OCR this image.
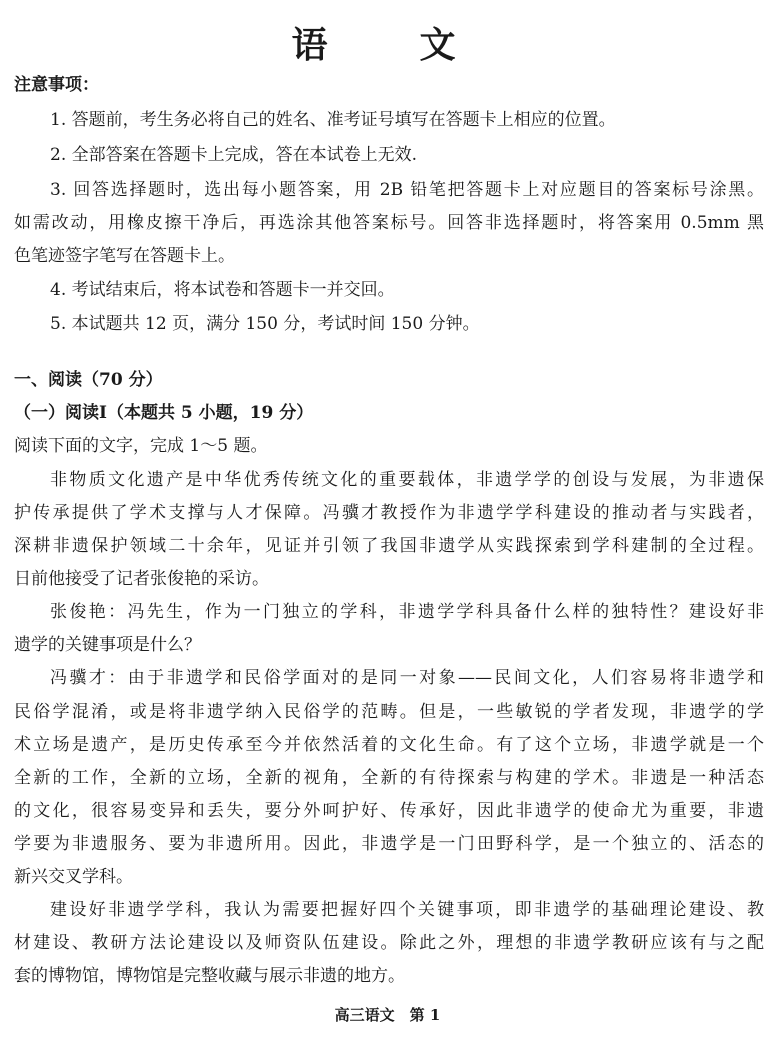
语　文
注意事项：
1. 答题前，考生务必将自己的姓名、准考证号填写在答题卡上相应的位置。
2. 全部答案在答题卡上完成，答在本试卷上无效.
3. 回答选择题时，选出每小题答案，用 2B 铅笔把答题卡上对应题目的答案标号涂黑。
如需改动，用橡皮擦干净后，再选涂其他答案标号。回答非选择题时，将答案用 0.5mm 黑
色笔迹签字笔写在答题卡上。
4. 考试结束后，将本试卷和答题卡一并交回。
5. 本试题共 12 页，满分 150 分，考试时间 150 分钟。
一、阅读（70 分）
（一）阅读Ⅰ（本题共 5 小题，19 分）
阅读下面的文字，完成 1～5 题。
非物质文化遗产是中华优秀传统文化的重要载体，非遗学学的创设与发展，为非遗保
护传承提供了学术支撑与人才保障。冯骥才教授作为非遗学学科建设的推动者与实践者，
深耕非遗保护领域二十余年，见证并引领了我国非遗学从实践探索到学科建制的全过程。
日前他接受了记者张俊艳的采访。
张俊艳：冯先生，作为一门独立的学科，非遗学学科具备什么样的独特性？建设好非
遗学的关键事项是什么？
冯骥才：由于非遗学和民俗学面对的是同一对象——民间文化，人们容易将非遗学和
民俗学混淆，或是将非遗学纳入民俗学的范畴。但是，一些敏锐的学者发现，非遗学的学
术立场是遗产，是历史传承至今并依然活着的文化生命。有了这个立场，非遗学就是一个
全新的工作，全新的立场，全新的视角，全新的有待探索与构建的学术。非遗是一种活态
的文化，很容易变异和丢失，要分外呵护好、传承好，因此非遗学的使命尤为重要，非遗
学要为非遗服务、要为非遗所用。因此，非遗学是一门田野科学，是一个独立的、活态的
新兴交叉学科。
建设好非遗学学科，我认为需要把握好四个关键事项，即非遗学的基础理论建设、教
材建设、教研方法论建设以及师资队伍建设。除此之外，理想的非遗学教研应该有与之配
套的博物馆，博物馆是完整收藏与展示非遗的地方。
高三语文　第 1
